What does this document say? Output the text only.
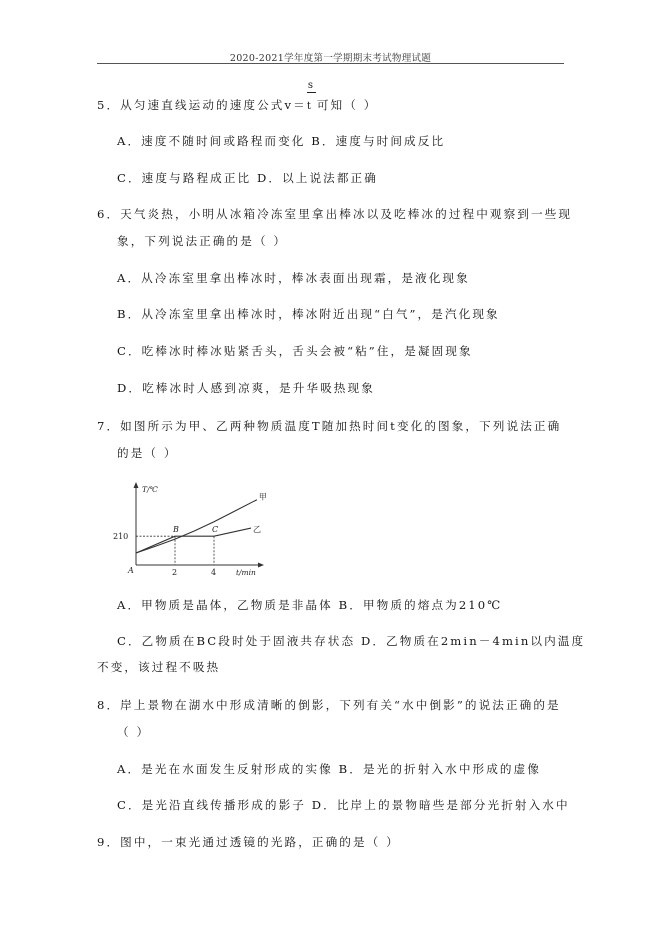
2020-2021学年度第一学期期末考试物理试题
5．从匀速直线运动的速度公式$v= \frac{s}{t}$可知（ ）
A．速度不随时间或路程而变化 B．速度与时间成反比
C．速度与路程成正比 D．以上说法都正确
6．天气炎热，小明从冰箱冷冻室里拿出棒冰以及吃棒冰的过程中观察到一些现
象，下列说法正确的是（ ）
A．从冷冻室里拿出棒冰时，棒冰表面出现霜，是液化现象
B．从冷冻室里拿出棒冰时，棒冰附近出现“白气”，是汽化现象
C．吃棒冰时棒冰贴紧舌头，舌头会被“粘”住，是凝固现象
D．吃棒冰时人感到凉爽，是升华吸热现象
7．如图所示为甲、乙两种物质温度T随加热时间t变化的图象，下列说法正确
的是（ ）
T/℃
t/min
210
2	4
甲
乙
A
B	C
A．甲物质是晶体，乙物质是非晶体 B．甲物质的熔点为210℃
C．乙物质在BC段时处于固液共存状态 D．乙物质在2min－4min以内温度
不变，该过程不吸热
8．岸上景物在湖水中形成清晰的倒影，下列有关“水中倒影”的说法正确的是
（ ）
A．是光在水面发生反射形成的实像 B．是光的折射入水中形成的虚像
C．是光沿直线传播形成的影子 D．比岸上的景物暗些是部分光折射入水中
9．图中，一束光通过透镜的光路，正确的是（ ）
